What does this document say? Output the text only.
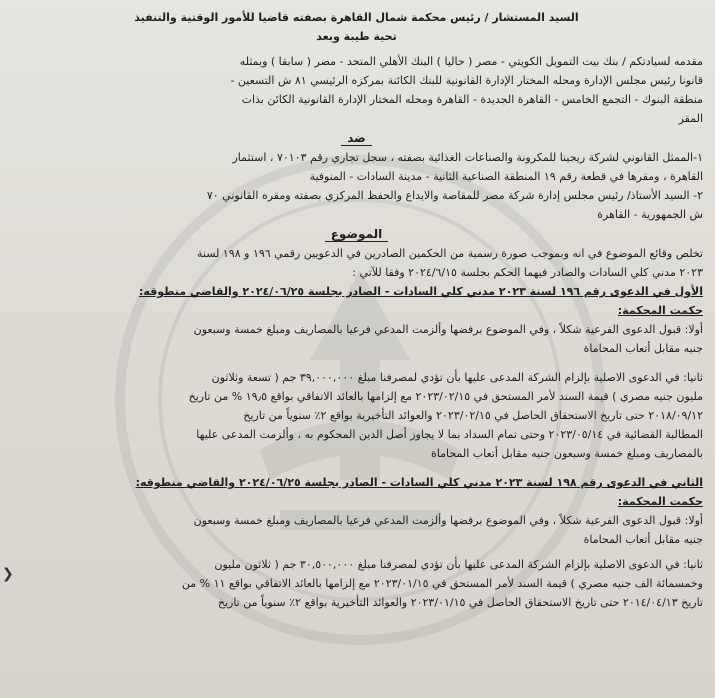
السيد المستشار / رئيس محكمة شمال القاهرة بصفته قاضيا للأمور الوقتية والتنفيذ
تحية طيبة وبعد
مقدمه لسيادتكم / بنك بيت التمويل الكويتي - مصر ( حاليا ) البنك الأهلي المتحد - مصر ( سابقا ) ويمثله
قانونا رئيس مجلس الإدارة ومحله المختار الإدارة القانونية للبنك الكائنة بمركزه الرئيسي ٨١ ش التسعين -
منطقة البنوك - التجمع الخامس - القاهرة الجديدة - القاهرة ومحله المختار الإدارة القانونية الكائن بذات
المقر
ضد
١-الممثل القانوني لشركة ريجينا للمكرونة والصناعات الغذائية بصفته ، سجل تجاري رقم ٧٠١٠٣ ، استثمار
القاهرة ، ومقرها في قطعة رقم ١٩ المنطقة الصناعية الثانية - مدينة السادات - المنوفية
٢- السيد الأستاذ/ رئيس مجلس إدارة شركة مصر للمقاصة والايداع والحفظ المركزي بصفته ومقره القانوني ٧٠
ش الجمهورية - القاهرة
الموضوع
تخلص وقائع الموضوع في انه وبموجب صورة رسمية من الحكمين الصادرين في الدعويين رقمي ١٩٦ و ١٩٨ لسنة
٢٠٢٣ مدني كلي السادات والصادر فيهما الحكم بجلسة ٢٠٢٤/٦/١٥ وفقا للآتي :
الأول في الدعوى رقم ١٩٦ لسنة ٢٠٢٣ مدني كلي السادات - الصادر بجلسة ٢٠٢٤/٠٦/٢٥ والقاضي منطوقه:
حكمت المحكمة:
أولا: قبول الدعوى الفرعية شكلاً ، وفي الموضوع برفضها وألزمت المدعي فرعيا بالمصاريف ومبلغ خمسة وسبعون
جنيه مقابل أتعاب المحاماة
ثانيا: في الدعوى الاصلية بإلزام الشركة المدعى عليها بأن تؤدي لمصرفنا مبلغ ٣٩,٠٠٠,٠٠٠ جم ( تسعة وثلاثون
مليون جنيه مصري ) قيمة السند لأمر المستحق في ٢٠٢٣/٠٢/١٥ مع إلزامها بالعائد الاتفاقي بواقع ١٩٫٥ % من تاريخ
٢٠١٨/٠٩/١٢ حتى تاريخ الاستحقاق الحاصل في ٢٠٢٣/٠٢/١٥ والعوائد التأخيرية بواقع ٢٪ سنوياً من تاريخ
المطالبة القضائية في ٢٠٢٣/٠٥/١٤ وحتى تمام السداد بما لا يجاوز أصل الدين المحكوم به ، وألزمت المدعى عليها
بالمصاريف ومبلغ خمسة وسبعون جنيه مقابل أتعاب المحاماة
الثاني في الدعوى رقم ١٩٨ لسنة ٢٠٢٣ مدني كلي السادات - الصادر بجلسة ٢٠٢٤/٠٦/٢٥ والقاضي منطوقه:
حكمت المحكمة:
أولا: قبول الدعوى الفرعية شكلاً ، وفي الموضوع برفضها وألزمت المدعي فرعيا بالمصاريف ومبلغ خمسة وسبعون
جنيه مقابل أتعاب المحاماة
ثانيا: في الدعوى الاصلية بإلزام الشركة المدعى عليها بأن تؤدي لمصرفنا مبلغ ٣٠,٥٠٠,٠٠٠ جم ( ثلاثون مليون
وخمسمائة الف جنيه مصري ) قيمة السند لأمر المستحق في ٢٠٢٣/٠١/١٥ مع إلزامها بالعائد الاتفاقي بواقع ١١ % من
تاريخ ٢٠١٤/٠٤/١٣ حتى تاريخ الاستحقاق الحاصل في ٢٠٢٣/٠١/١٥ والعوائد التأخيرية بواقع ٢٪ سنوياً من تاريخ
❮
